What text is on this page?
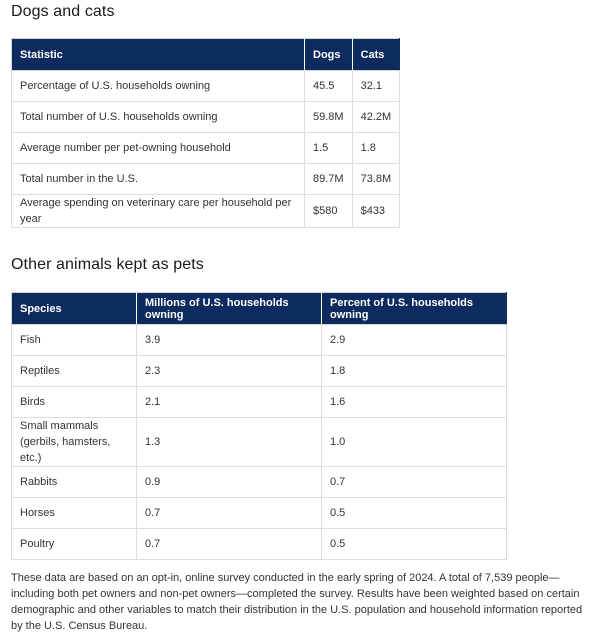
Dogs and cats
Statistic	Dogs	Cats
Percentage of U.S. households owning	45.5	32.1
Total number of U.S. households owning	59.8M	42.2M
Average number per pet-owning household	1.5	1.8
Total number in the U.S.	89.7M	73.8M
Average spending on veterinary care per household per year	$580	$433
Other animals kept as pets
Species	Millions of U.S. households owning	Percent of U.S. households owning
Fish	3.9	2.9
Reptiles	2.3	1.8
Birds	2.1	1.6
Small mammals (gerbils, hamsters, etc.)	1.3	1.0
Rabbits	0.9	0.7
Horses	0.7	0.5
Poultry	0.7	0.5

These data are based on an opt-in, online survey conducted in the early spring of 2024. A total of 7,539 people—including both pet owners and non-pet owners—completed the survey. Results have been weighted based on certain demographic and other variables to match their distribution in the U.S. population and household information reported by the U.S. Census Bureau.
